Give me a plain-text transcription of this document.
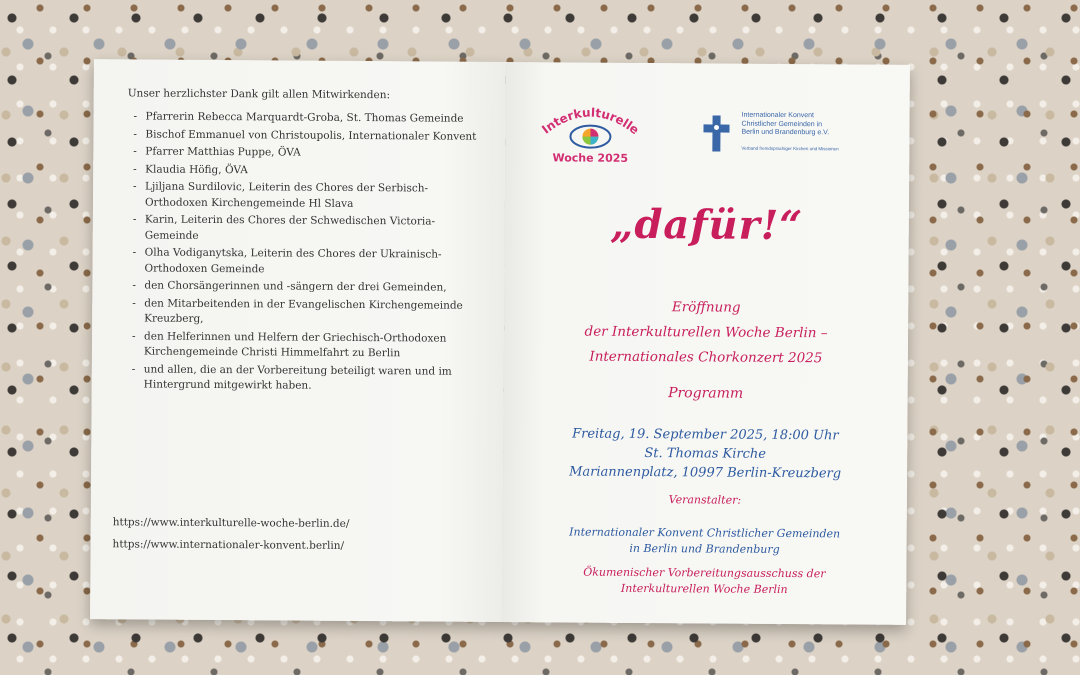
Unser herzlichster Dank gilt allen Mitwirkenden:

- Pfarrerin Rebecca Marquardt-Groba, St. Thomas Gemeinde
- Bischof Emmanuel von Christoupolis, Internationaler Konvent
- Pfarrer Matthias Puppe, ÖVA
- Klaudia Höfig, ÖVA
- Ljiljana Surdilovic, Leiterin des Chores der Serbisch-Orthodoxen Kirchengemeinde Hl Slava
- Karin, Leiterin des Chores der Schwedischen Victoria-Gemeinde
- Olha Vodiganytska, Leiterin des Chores der Ukrainisch-Orthodoxen Gemeinde
- den Chorsängerinnen und -sängern der drei Gemeinden,
- den Mitarbeitenden in der Evangelischen Kirchengemeinde Kreuzberg,
- den Helferinnen und Helfern der Griechisch-Orthodoxen Kirchengemeinde Christi Himmelfahrt zu Berlin
- und allen, die an der Vorbereitung beteiligt waren und im Hintergrund mitgewirkt haben.
https://www.interkulturelle-woche-berlin.de/
https://www.internationaler-konvent.berlin/
Interkulturelle
Woche 2025
Internationaler Konvent
Christlicher Gemeinden in
Berlin und Brandenburg e.V.
Verband fremdsprachiger Kirchen und Missionen
„dafür!“
Eröffnung
der Interkulturellen Woche Berlin –
Internationales Chorkonzert 2025
Programm
Freitag, 19. September 2025, 18:00 Uhr
St. Thomas Kirche
Mariannenplatz, 10997 Berlin-Kreuzberg
Veranstalter:
Internationaler Konvent Christlicher Gemeinden
in Berlin und Brandenburg
Ökumenischer Vorbereitungsausschuss der
Interkulturellen Woche Berlin
